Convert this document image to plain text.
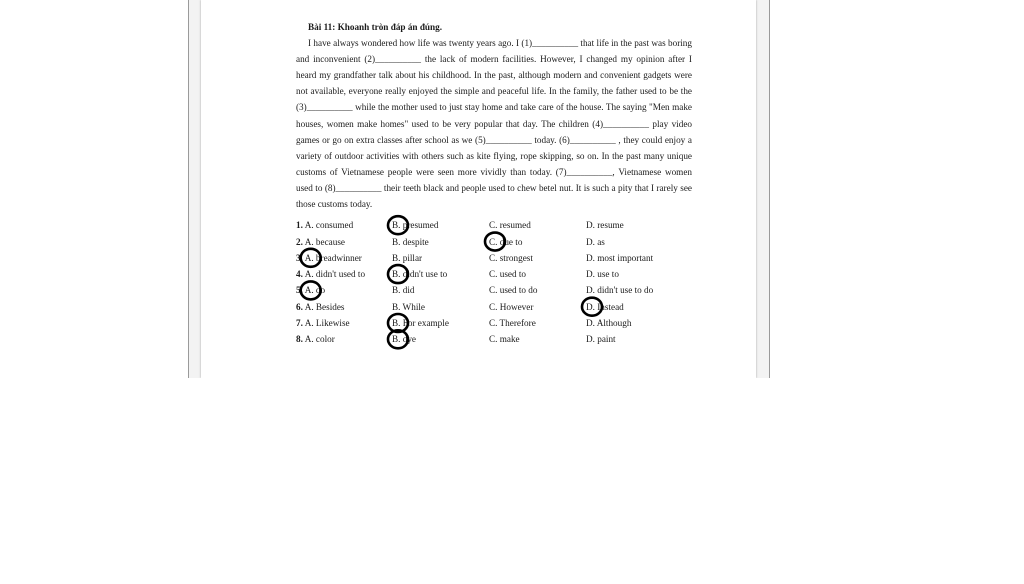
Bài 11: Khoanh tròn đáp án đúng.
I have always wondered how life was twenty years ago. I (1)__________ that life in the past was boring and inconvenient (2)__________ the lack of modern facilities. However, I changed my opinion after I heard my grandfather talk about his childhood. In the past, although modern and convenient gadgets were not available, everyone really enjoyed the simple and peaceful life. In the family, the father used to be the (3)__________ while the mother used to just stay home and take care of the house. The saying "Men make houses, women make homes" used to be very popular that day. The children (4)__________ play video games or go on extra classes after school as we (5)__________ today. (6)__________ , they could enjoy a variety of outdoor activities with others such as kite flying, rope skipping, so on. In the past many unique customs of Vietnamese people were seen more vividly than today. (7)__________, Vietnamese women used to (8)__________ their teeth black and people used to chew betel nut. It is such a pity that I rarely see those customs today.
1. A. consumed	B. presumed	C. resumed	D. resume
2. A. because	B. despite	C. due to	D. as
3. A. breadwinner	B. pillar	C. strongest	D. most important
4. A. didn't used to	B. didn't use to	C. used to	D. use to
5. A. do	B. did	C. used to do	D. didn't use to do
6. A. Besides	B. While	C. However	D. Instead
7. A. Likewise	B. For example	C. Therefore	D. Although
8. A. color	B. dye	C. make	D. paint
